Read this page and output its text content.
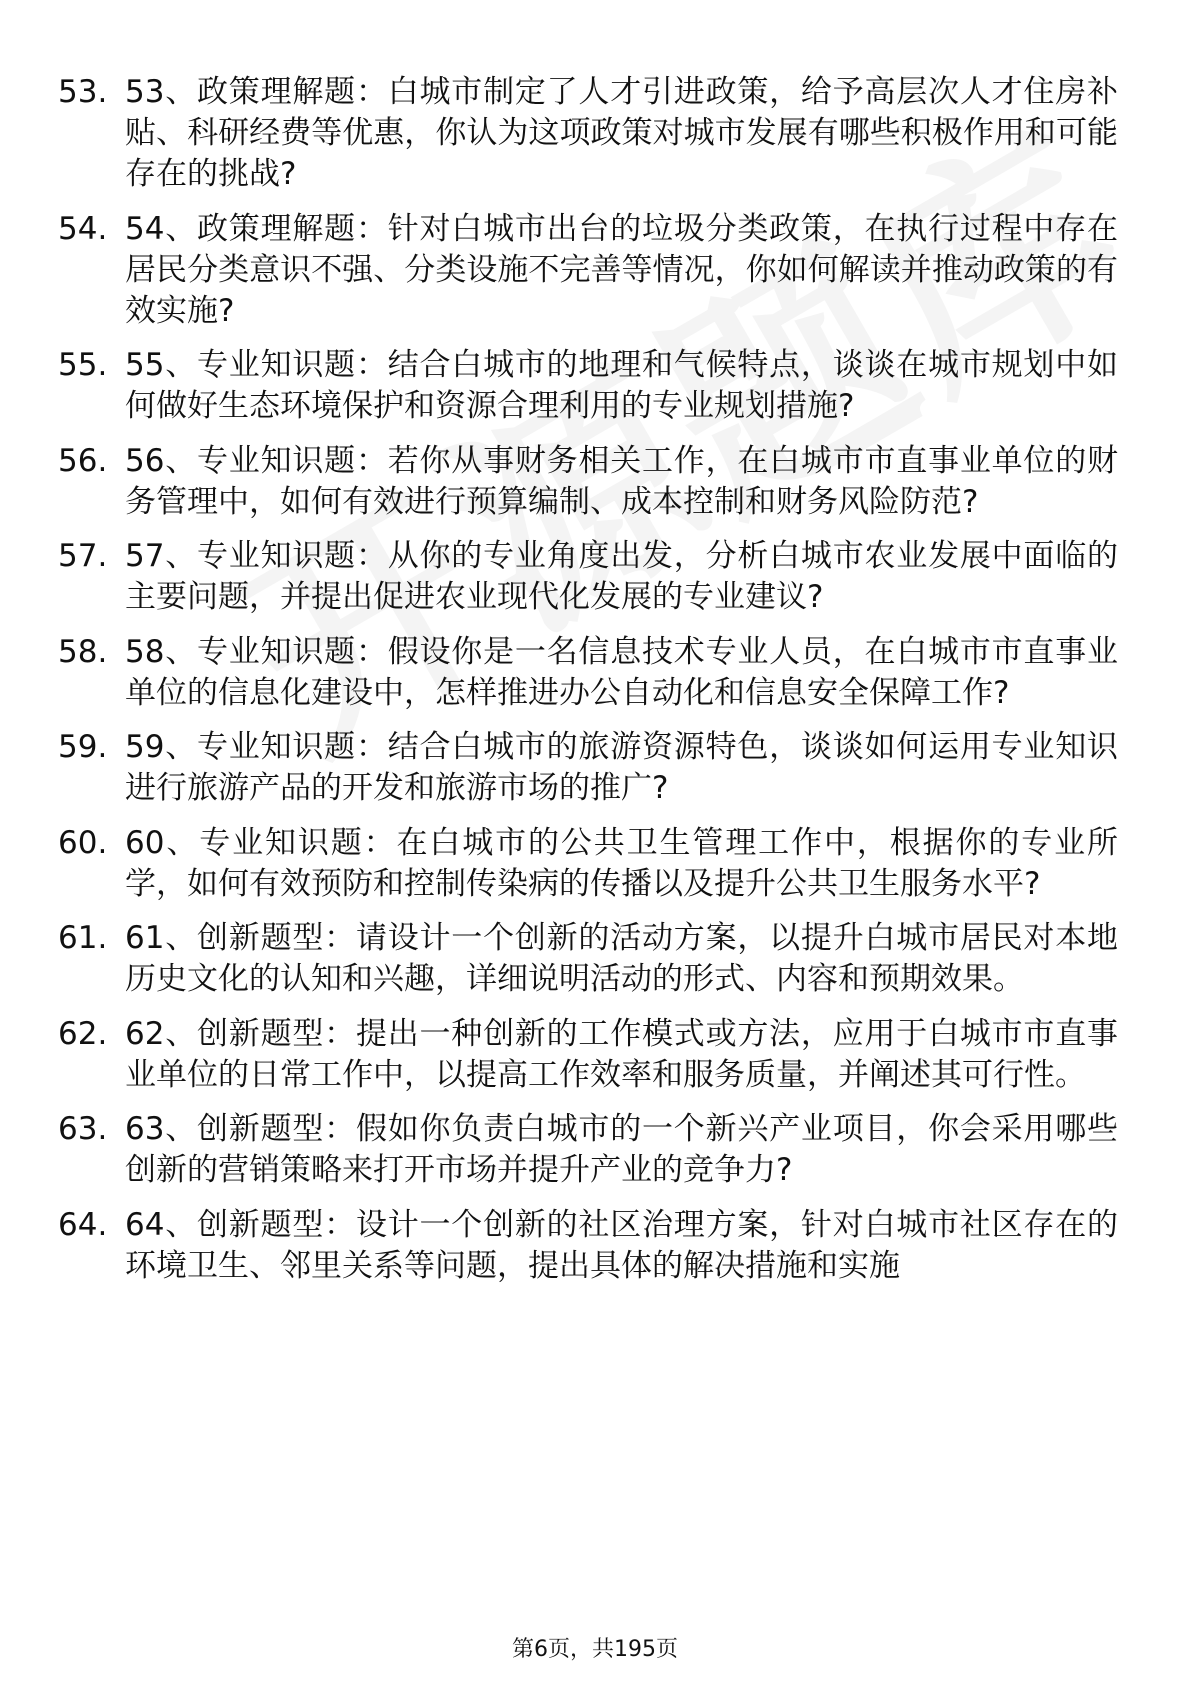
53. 53、政策理解题：白城市制定了人才引进政策，给予高层次人才住房补贴、科研经费等优惠，你认为这项政策对城市发展有哪些积极作用和可能存在的挑战?
54. 54、政策理解题：针对白城市出台的垃圾分类政策，在执行过程中存在居民分类意识不强、分类设施不完善等情况，你如何解读并推动政策的有效实施?
55. 55、专业知识题：结合白城市的地理和气候特点，谈谈在城市规划中如何做好生态环境保护和资源合理利用的专业规划措施?
56. 56、专业知识题：若你从事财务相关工作，在白城市市直事业单位的财务管理中，如何有效进行预算编制、成本控制和财务风险防范?
57. 57、专业知识题：从你的专业角度出发，分析白城市农业发展中面临的主要问题，并提出促进农业现代化发展的专业建议?
58. 58、专业知识题：假设你是一名信息技术专业人员，在白城市市直事业单位的信息化建设中，怎样推进办公自动化和信息安全保障工作?
59. 59、专业知识题：结合白城市的旅游资源特色，谈谈如何运用专业知识进行旅游产品的开发和旅游市场的推广?
60. 60、专业知识题：在白城市的公共卫生管理工作中，根据你的专业所学，如何有效预防和控制传染病的传播以及提升公共卫生服务水平?
61. 61、创新题型：请设计一个创新的活动方案，以提升白城市居民对本地历史文化的认知和兴趣，详细说明活动的形式、内容和预期效果。
62. 62、创新题型：提出一种创新的工作模式或方法，应用于白城市市直事业单位的日常工作中，以提高工作效率和服务质量，并阐述其可行性。
63. 63、创新题型：假如你负责白城市的一个新兴产业项目，你会采用哪些创新的营销策略来打开市场并提升产业的竞争力?
64. 64、创新题型：设计一个创新的社区治理方案，针对白城市社区存在的环境卫生、邻里关系等问题，提出具体的解决措施和实施
第6页，共195页
